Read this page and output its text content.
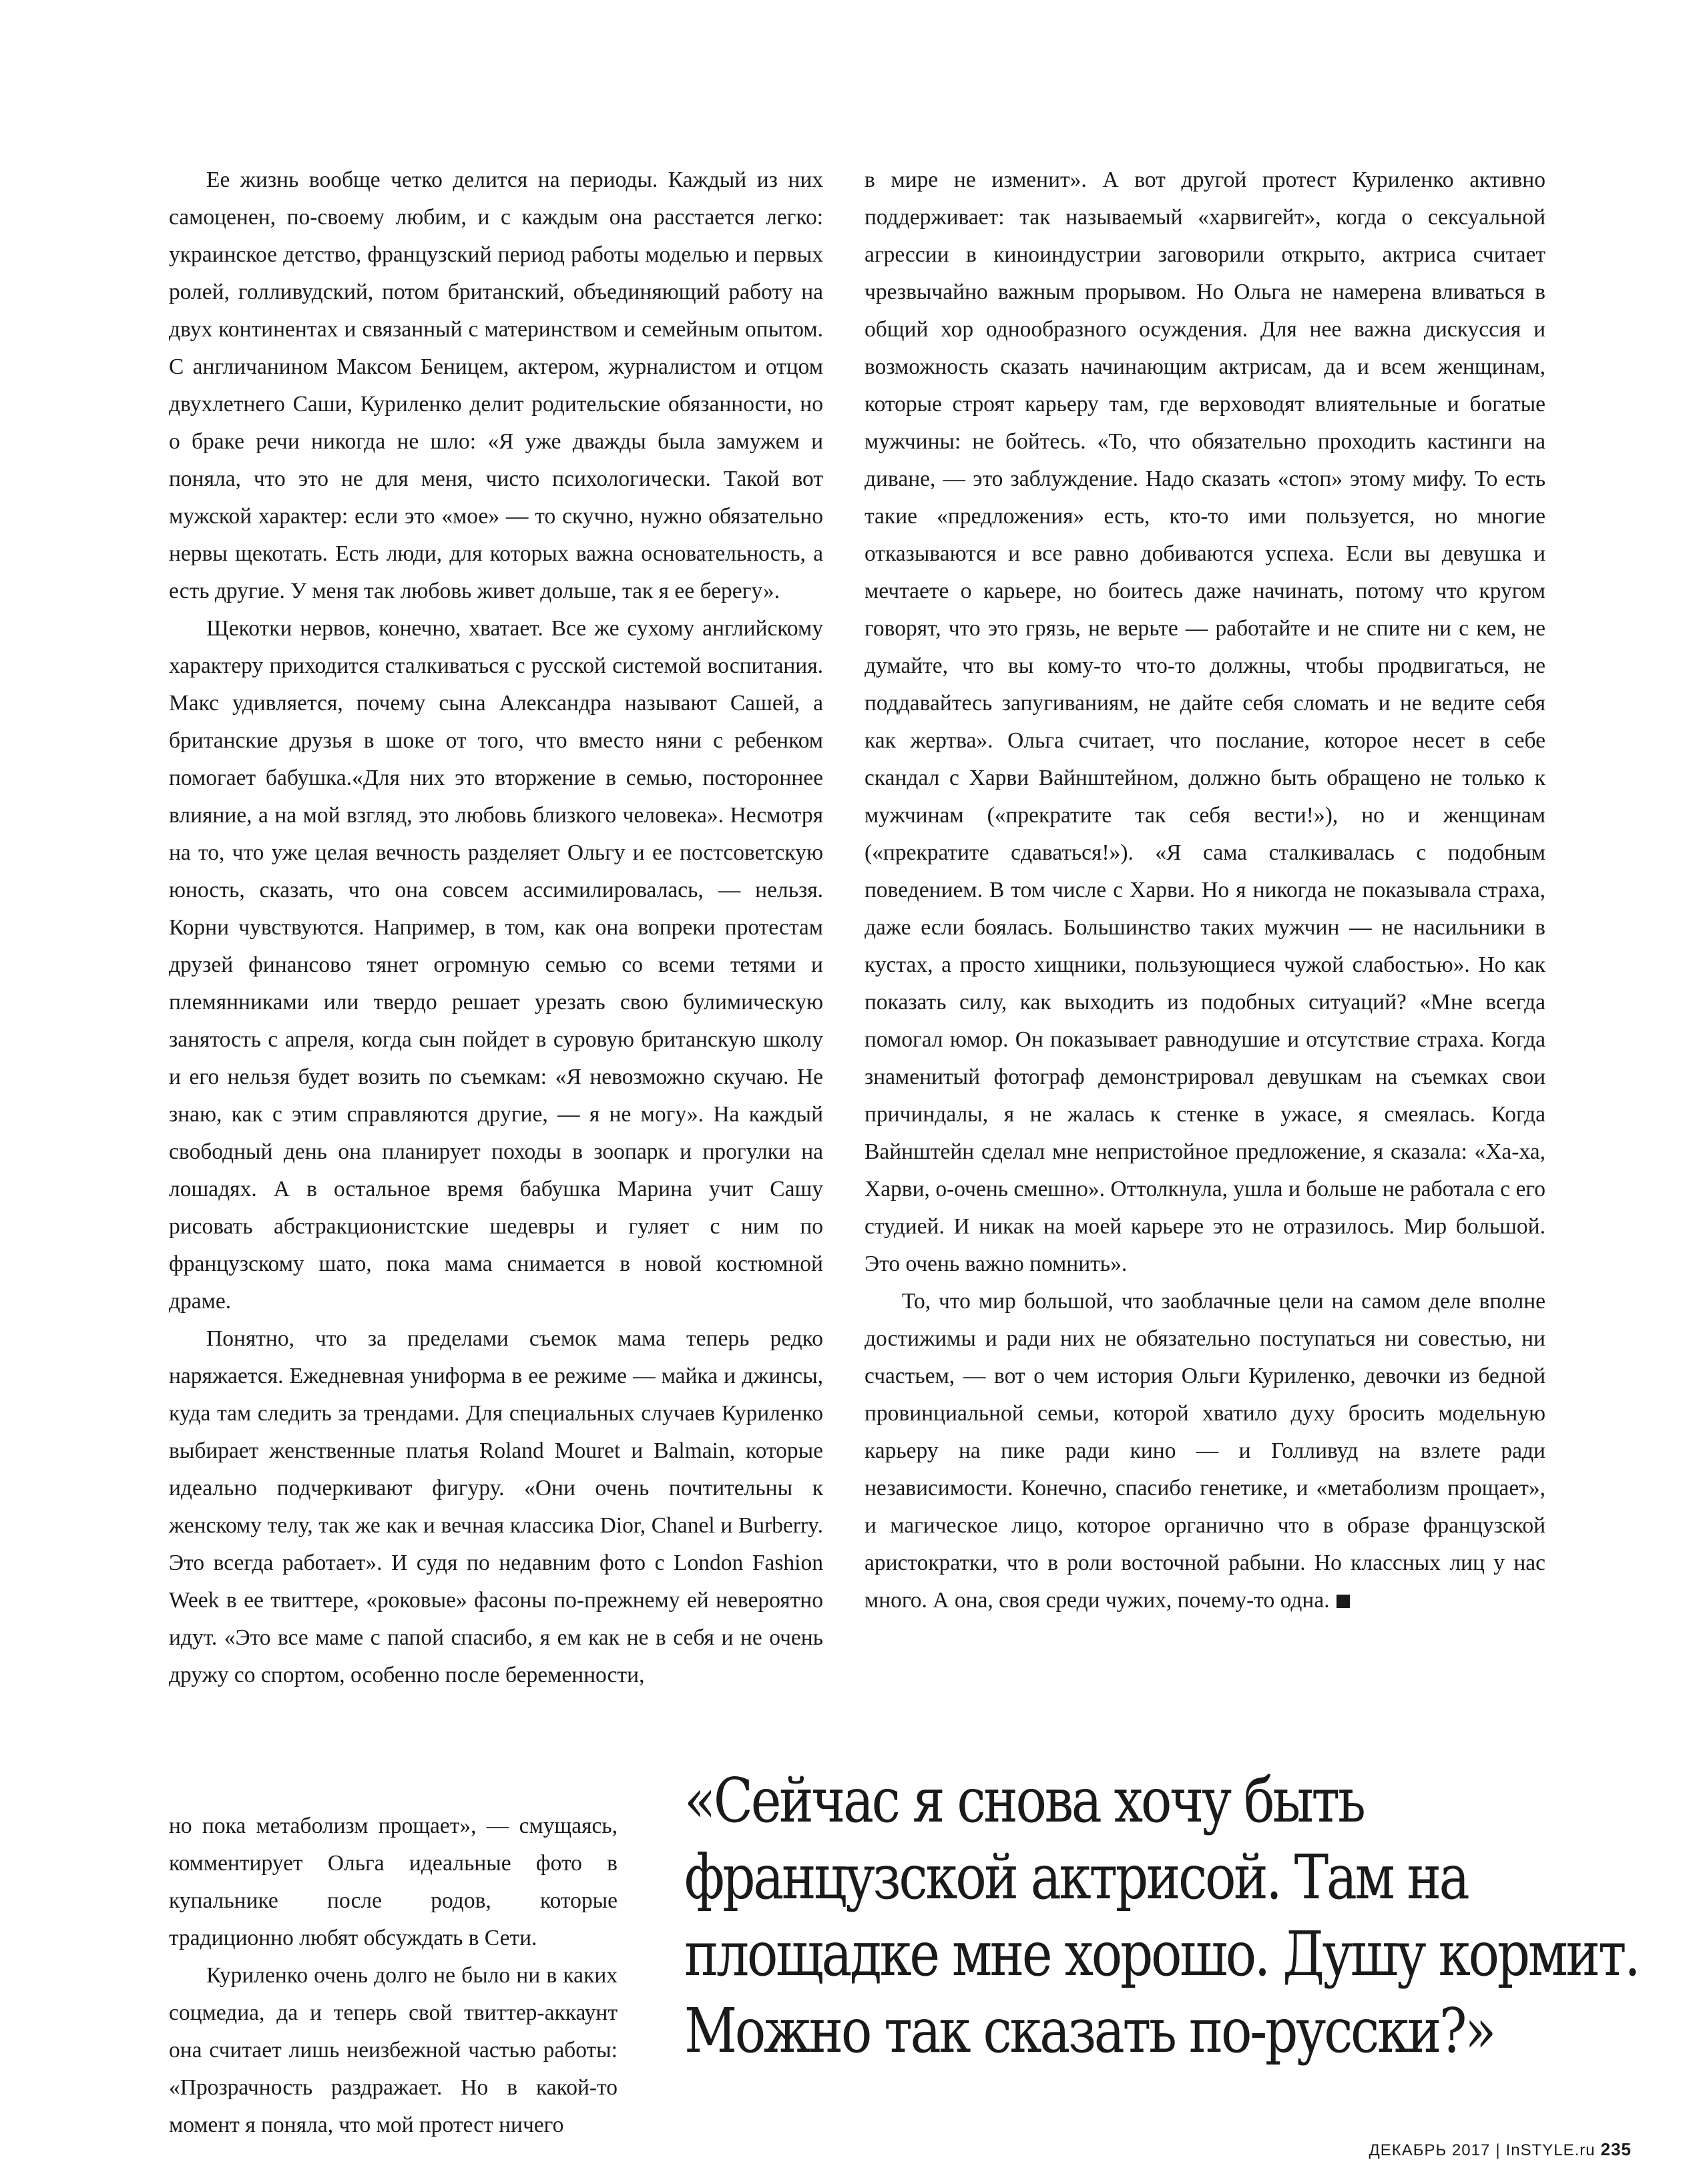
Ее жизнь вообще четко делится на периоды. Каждый из них самоценен, по-своему любим, и с каждым она расстается легко: украинское детство, французский период работы моделью и первых ролей, голливудский, потом британский, объединяющий работу на двух континентах и связанный с материнством и семейным опытом. С англичанином Максом Беницем, актером, журналистом и отцом двухлетнего Саши, Куриленко делит родительские обязанности, но о браке речи никогда не шло: «Я уже дважды была замужем и поняла, что это не для меня, чисто психологически. Такой вот мужской характер: если это «мое» — то скучно, нужно обязательно нервы щекотать. Есть люди, для которых важна основательность, а есть другие. У меня так любовь живет дольше, так я ее берегу».

Щекотки нервов, конечно, хватает. Все же сухому английскому характеру приходится сталкиваться с русской системой воспитания. Макс удивляется, почему сына Александра называют Сашей, а британские друзья в шоке от того, что вместо няни с ребенком помогает бабушка.«Для них это вторжение в семью, постороннее влияние, а на мой взгляд, это любовь близкого человека». Несмотря на то, что уже целая вечность разделяет Ольгу и ее постсоветскую юность, сказать, что она совсем ассимилировалась, — нельзя. Корни чувствуются. Например, в том, как она вопреки протестам друзей финансово тянет огромную семью со всеми тетями и племянниками или твердо решает урезать свою булимическую занятость с апреля, когда сын пойдет в суровую британскую школу и его нельзя будет возить по съемкам: «Я невозможно скучаю. Не знаю, как с этим справляются другие, — я не могу». На каждый свободный день она планирует походы в зоопарк и прогулки на лошадях. А в остальное время бабушка Марина учит Сашу рисовать абстракционистские шедевры и гуляет с ним по французскому шато, пока мама снимается в новой костюмной драме.

Понятно, что за пределами съемок мама теперь редко наряжается. Ежедневная униформа в ее режиме — майка и джинсы, куда там следить за трендами. Для специальных случаев Куриленко выбирает женственные платья Roland Mouret и Balmain, которые идеально подчеркивают фигуру. «Они очень почтительны к женскому телу, так же как и вечная классика Dior, Chanel и Burberry. Это всегда работает». И судя по недавним фото с London Fashion Week в ее твиттере, «роковые» фасоны по-прежнему ей невероятно идут. «Это все маме с папой спасибо, я ем как не в себя и не очень дружу со спортом, особенно после беременности,

но пока метаболизм прощает», — смущаясь, комментирует Ольга идеальные фото в купальнике после родов, которые традиционно любят обсуждать в Сети.

Куриленко очень долго не было ни в каких соцмедиа, да и теперь свой твиттер-аккаунт она считает лишь неизбежной частью работы: «Прозрачность раздражает. Но в какой-то момент я поняла, что мой протест ничего

в мире не изменит». А вот другой протест Куриленко активно поддерживает: так называемый «харвигейт», когда о сексуальной агрессии в киноиндустрии заговорили открыто, актриса считает чрезвычайно важным прорывом. Но Ольга не намерена вливаться в общий хор однообразного осуждения. Для нее важна дискуссия и возможность сказать начинающим актрисам, да и всем женщинам, которые строят карьеру там, где верховодят влиятельные и богатые мужчины: не бойтесь. «То, что обязательно проходить кастинги на диване, — это заблуждение. Надо сказать «стоп» этому мифу. То есть такие «предложения» есть, кто-то ими пользуется, но многие отказываются и все равно добиваются успеха. Если вы девушка и мечтаете о карьере, но боитесь даже начинать, потому что кругом говорят, что это грязь, не верьте — работайте и не спите ни с кем, не думайте, что вы кому-то что-то должны, чтобы продвигаться, не поддавайтесь запугиваниям, не дайте себя сломать и не ведите себя как жертва». Ольга считает, что послание, которое несет в себе скандал с Харви Вайнштейном, должно быть обращено не только к мужчинам («прекратите так себя вести!»), но и женщинам («прекратите сдаваться!»). «Я сама сталкивалась с подобным поведением. В том числе с Харви. Но я никогда не показывала страха, даже если боялась. Большинство таких мужчин — не насильники в кустах, а просто хищники, пользующиеся чужой слабостью». Но как показать силу, как выходить из подобных ситуаций? «Мне всегда помогал юмор. Он показывает равнодушие и отсутствие страха. Когда знаменитый фотограф демонстрировал девушкам на съемках свои причиндалы, я не жалась к стенке в ужасе, я смеялась. Когда Вайнштейн сделал мне непристойное предложение, я сказала: «Ха-ха, Харви, о-очень смешно». Оттолкнула, ушла и больше не работала с его студией. И никак на моей карьере это не отразилось. Мир большой. Это очень важно помнить».

То, что мир большой, что заоблачные цели на самом деле вполне достижимы и ради них не обязательно поступаться ни совестью, ни счастьем, — вот о чем история Ольги Куриленко, девочки из бедной провинциальной семьи, которой хватило духу бросить модельную карьеру на пике ради кино — и Голливуд на взлете ради независимости. Конечно, спасибо генетике, и «метаболизм прощает», и магическое лицо, которое органично что в образе французской аристократки, что в роли восточной рабыни. Но классных лиц у нас много. А она, своя среди чужих, почему-то одна.

«Сейчас я снова хочу быть
французской актрисой. Там на
площадке мне хорошо. Душу кормит.
Можно так сказать по-русски?»
ДЕКАБРЬ 2017 | InSTYLE.ru 235
